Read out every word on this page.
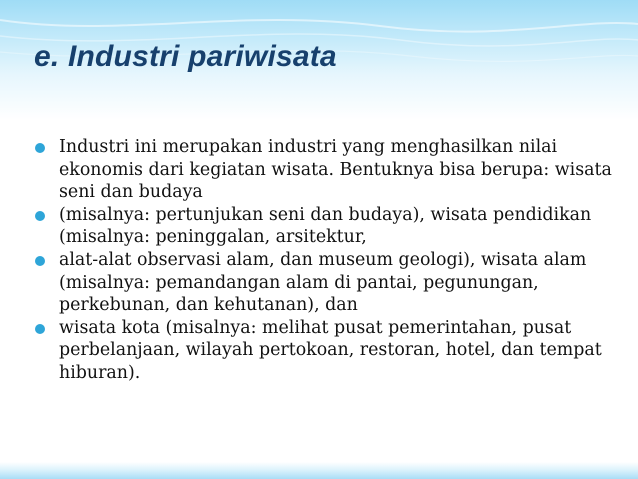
e. Industri pariwisata
Industri ini merupakan industri yang menghasilkan nilai ekonomis dari kegiatan wisata. Bentuknya bisa berupa: wisata seni dan budaya
(misalnya: pertunjukan seni dan budaya), wisata pendidikan (misalnya: peninggalan, arsitektur,
alat-alat observasi alam, dan museum geologi), wisata alam (misalnya: pemandangan alam di pantai, pegunungan, perkebunan, dan kehutanan), dan
wisata kota (misalnya: melihat pusat pemerintahan, pusat perbelanjaan, wilayah pertokoan, restoran, hotel, dan tempat hiburan).
